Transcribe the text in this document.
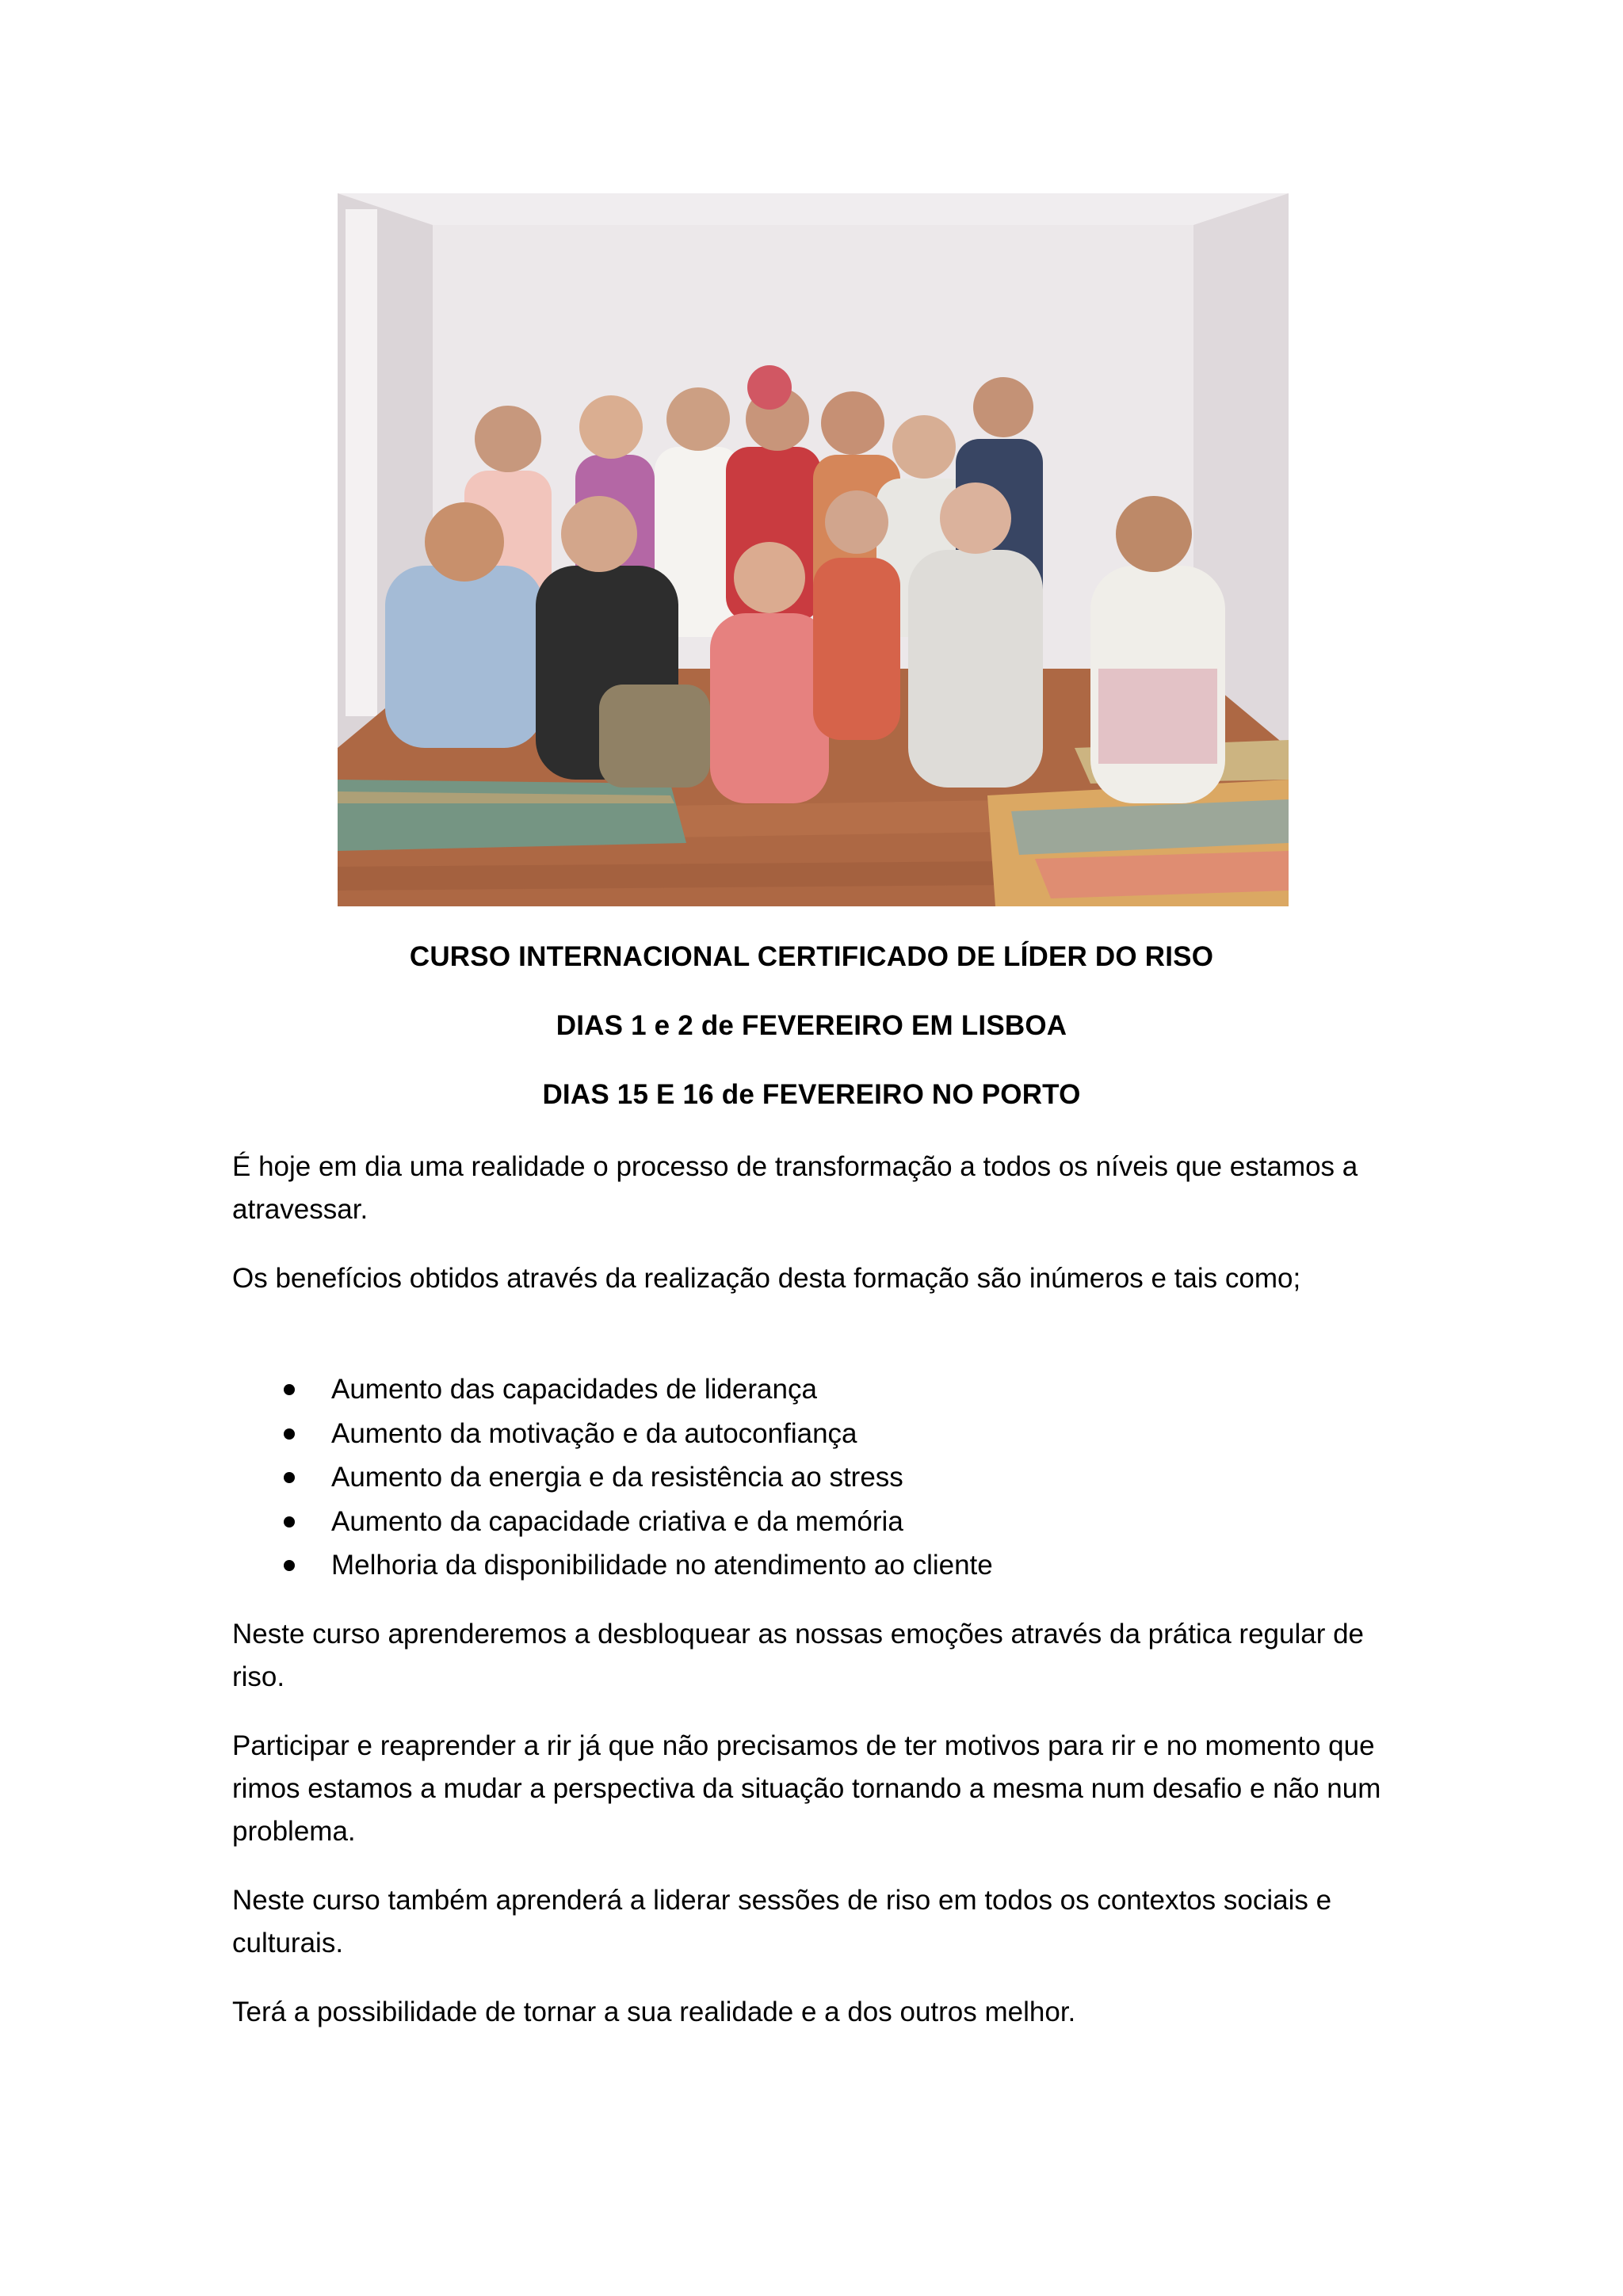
CURSO INTERNACIONAL CERTIFICADO DE LÍDER DO RISO
DIAS 1 e 2 de FEVEREIRO EM LISBOA
DIAS 15 E 16 de FEVEREIRO NO PORTO

É hoje em dia uma realidade o processo de transformação a todos os níveis que estamos a atravessar.

Os benefícios obtidos através da realização desta formação são inúmeros e tais como;

Aumento das capacidades de liderança
Aumento da motivação e da autoconfiança
Aumento da energia e da resistência ao stress
Aumento da capacidade criativa e da memória
Melhoria da disponibilidade no atendimento ao cliente

Neste curso aprenderemos a desbloquear as nossas emoções através da prática regular de riso.

Participar e reaprender a rir já que não precisamos de ter motivos para rir e no momento que rimos estamos a mudar a perspectiva da situação tornando a mesma num desafio e não num problema.

Neste curso também aprenderá a liderar sessões de riso em todos os contextos sociais e culturais.

Terá a possibilidade de tornar a sua realidade e a dos outros melhor.
